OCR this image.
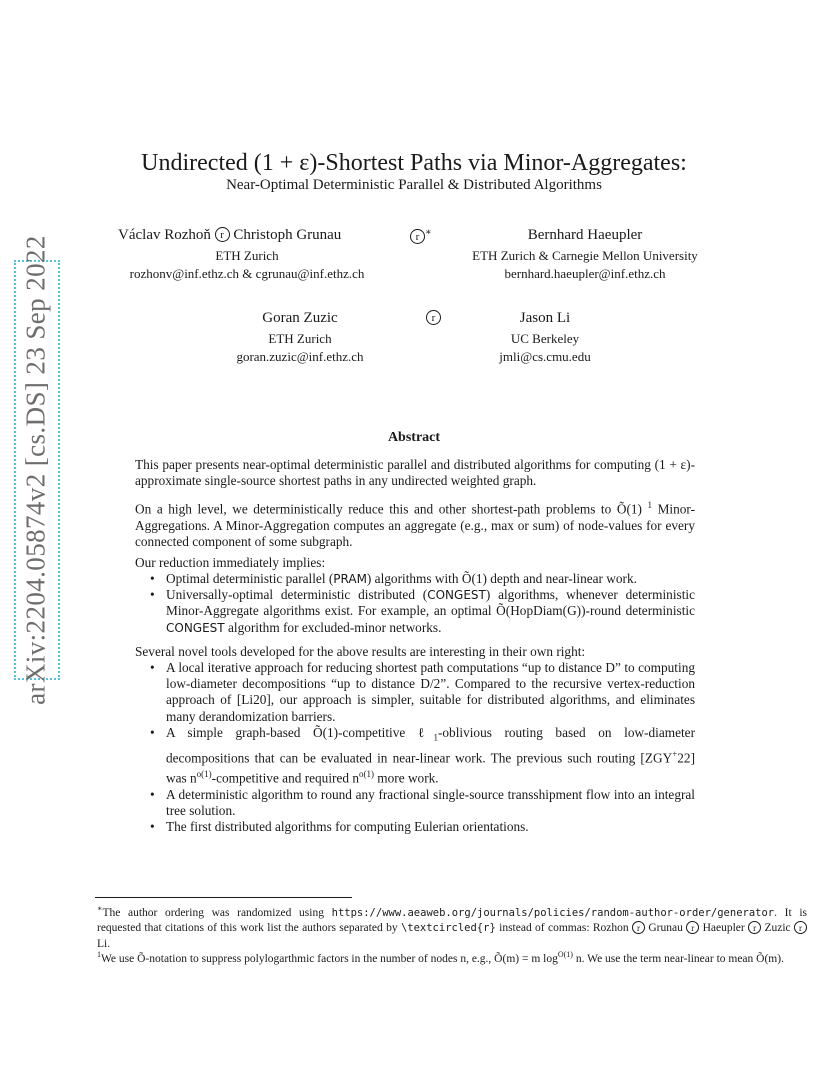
arXiv:2204.05874v2 [cs.DS] 23 Sep 2022
Undirected (1 + ε)-Shortest Paths via Minor-Aggregates:
Near-Optimal Deterministic Parallel & Distributed Algorithms
Václav Rozhoň r Christoph Grunau	r ∗
ETH Zurich
rozhonv@inf.ethz.ch & cgrunau@inf.ethz.ch
Bernhard Haeupler
ETH Zurich & Carnegie Mellon University
bernhard.haeupler@inf.ethz.ch
Goran Zuzic
ETH Zurich
goran.zuzic@inf.ethz.ch
r	Jason Li
UC Berkeley
jmli@cs.cmu.edu
Abstract
This paper presents near-optimal deterministic parallel and distributed algorithms for computing (1 + ε)-approximate single-source shortest paths in any undirected weighted graph.
On a high level, we deterministically reduce this and other shortest-path problems to Õ(1) $^1$ Minor-Aggregations. A Minor-Aggregation computes an aggregate (e.g., max or sum) of node-values for every connected component of some subgraph.
Our reduction immediately implies:
• Optimal deterministic parallel (PRAM) algorithms with Õ(1) depth and near-linear work.
• Universally-optimal deterministic distributed (CONGEST) algorithms, whenever deterministic Minor-Aggregate algorithms exist. For example, an optimal Õ(HopDiam(G))-round deterministic CONGEST algorithm for excluded-minor networks.
Several novel tools developed for the above results are interesting in their own right:
• A local iterative approach for reducing shortest path computations “up to distance D” to computing low-diameter decompositions “up to distance D/2”. Compared to the recursive vertex-reduction approach of [Li20], our approach is simpler, suitable for distributed algorithms, and eliminates many derandomization barriers.
• A simple graph-based Õ(1)-competitive ℓ$_1$-oblivious routing based on low-diameter decompositions that can be evaluated in near-linear work. The previous such routing [ZGY+22] was $n^{o(1)}$-competitive and required $n^{o(1)}$ more work.
• A deterministic algorithm to round any fractional single-source transshipment flow into an integral tree solution.
• The first distributed algorithms for computing Eulerian orientations.
∗The author ordering was randomized using https://www.aeaweb.org/journals/policies/random-author-order/generator. It is requested that citations of this work list the authors separated by \textcircled{r} instead of commas: Rozhon r Grunau r Haeupler r Zuzic r Li.
$^1$We use Õ-notation to suppress polylogarthmic factors in the number of nodes n, e.g., Õ(m) = m $\log^{O(1)} n$. We use the term near-linear to mean Õ(m).
